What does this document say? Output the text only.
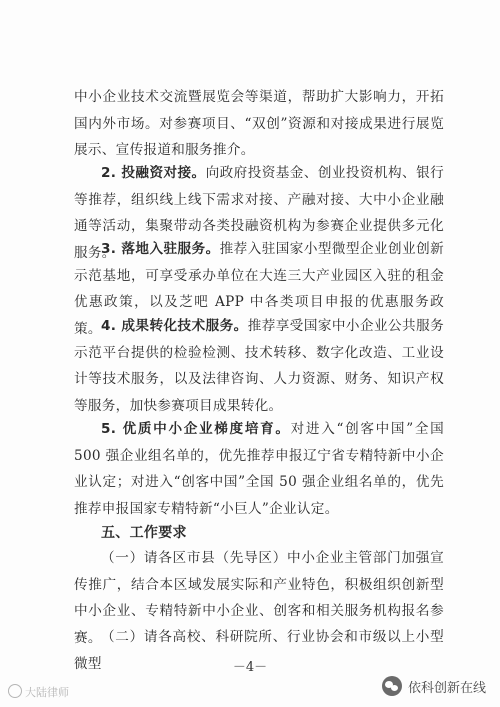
中小企业技术交流暨展览会等渠道，帮助扩大影响力，开拓国内外市场。对参赛项目、“双创”资源和对接成果进行展览展示、宣传报道和服务推介。
2. 投融资对接。向政府投资基金、创业投资机构、银行等推荐，组织线上线下需求对接、产融对接、大中小企业融通等活动，集聚带动各类投融资机构为参赛企业提供多元化服务。
3. 落地入驻服务。推荐入驻国家小型微型企业创业创新示范基地，可享受承办单位在大连三大产业园区入驻的租金优惠政策，以及芝吧 APP 中各类项目申报的优惠服务政策。 4. 成果转化技术服务。推荐享受国家中小企业公共服务示范平台提供的检验检测、技术转移、数字化改造、工业设计等技术服务，以及法律咨询、人力资源、财务、知识产权等服务，加快参赛项目成果转化。
5. 优质中小企业梯度培育。对进入“创客中国”全国 500 强企业组名单的，优先推荐申报辽宁省专精特新中小企业认定；对进入“创客中国”全国 50 强企业组名单的，优先推荐申报国家专精特新“小巨人”企业认定。
五、工作要求
（一）请各区市县（先导区）中小企业主管部门加强宣传推广，结合本区域发展实际和产业特色，积极组织创新型中小企业、专精特新中小企业、创客和相关服务机构报名参赛。 （二）请各高校、科研院所、行业协会和市级以上小型微型	－4－
大陆律师	依科创新在线
